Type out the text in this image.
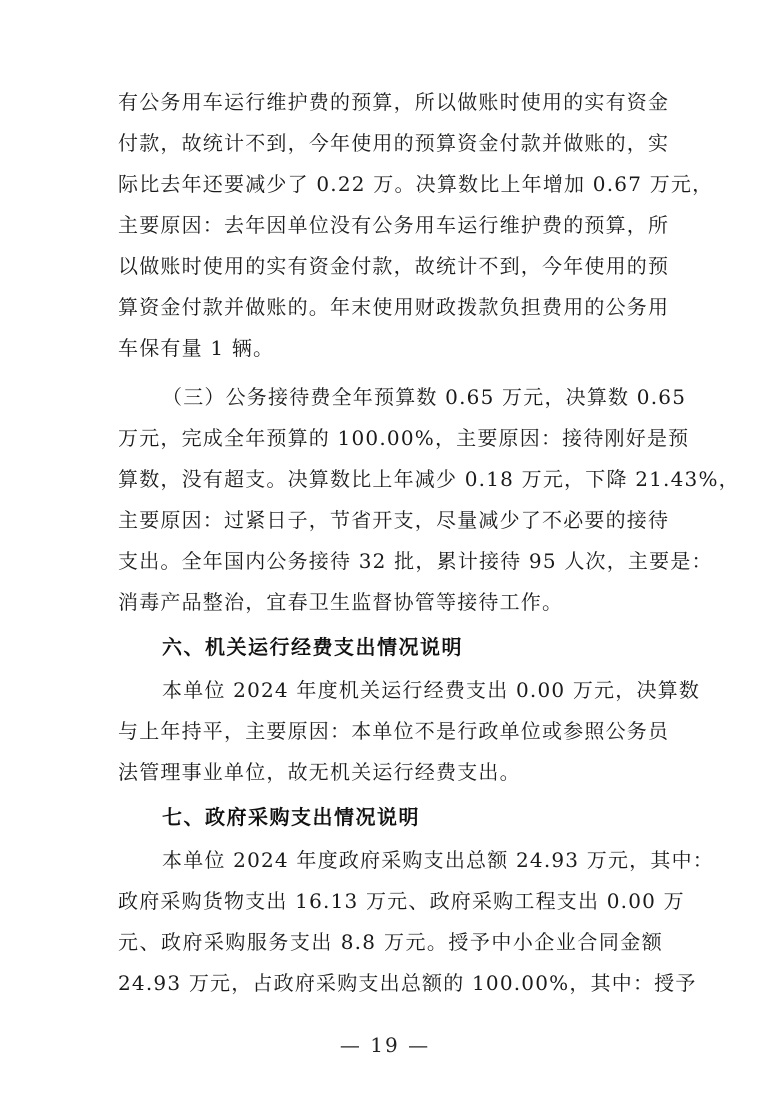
有公务用车运行维护费的预算，所以做账时使用的实有资金
付款，故统计不到，今年使用的预算资金付款并做账的，实
际比去年还要减少了 0.22 万。决算数比上年增加 0.67 万元，
主要原因：去年因单位没有公务用车运行维护费的预算，所
以做账时使用的实有资金付款，故统计不到，今年使用的预
算资金付款并做账的。年末使用财政拨款负担费用的公务用
车保有量 1 辆。
（三）公务接待费全年预算数 0.65 万元，决算数 0.65
万元，完成全年预算的 100.00%，主要原因：接待刚好是预
算数，没有超支。决算数比上年减少 0.18 万元，下降 21.43%，
主要原因：过紧日子，节省开支，尽量减少了不必要的接待
支出。全年国内公务接待 32 批，累计接待 95 人次，主要是：
消毒产品整治，宜春卫生监督协管等接待工作。
六、机关运行经费支出情况说明
本单位 2024 年度机关运行经费支出 0.00 万元，决算数
与上年持平，主要原因：本单位不是行政单位或参照公务员
法管理事业单位，故无机关运行经费支出。
七、政府采购支出情况说明
本单位 2024 年度政府采购支出总额 24.93 万元，其中：
政府采购货物支出 16.13 万元、政府采购工程支出 0.00 万
元、政府采购服务支出 8.8 万元。授予中小企业合同金额
24.93 万元，占政府采购支出总额的 100.00%，其中：授予
— 19 —
